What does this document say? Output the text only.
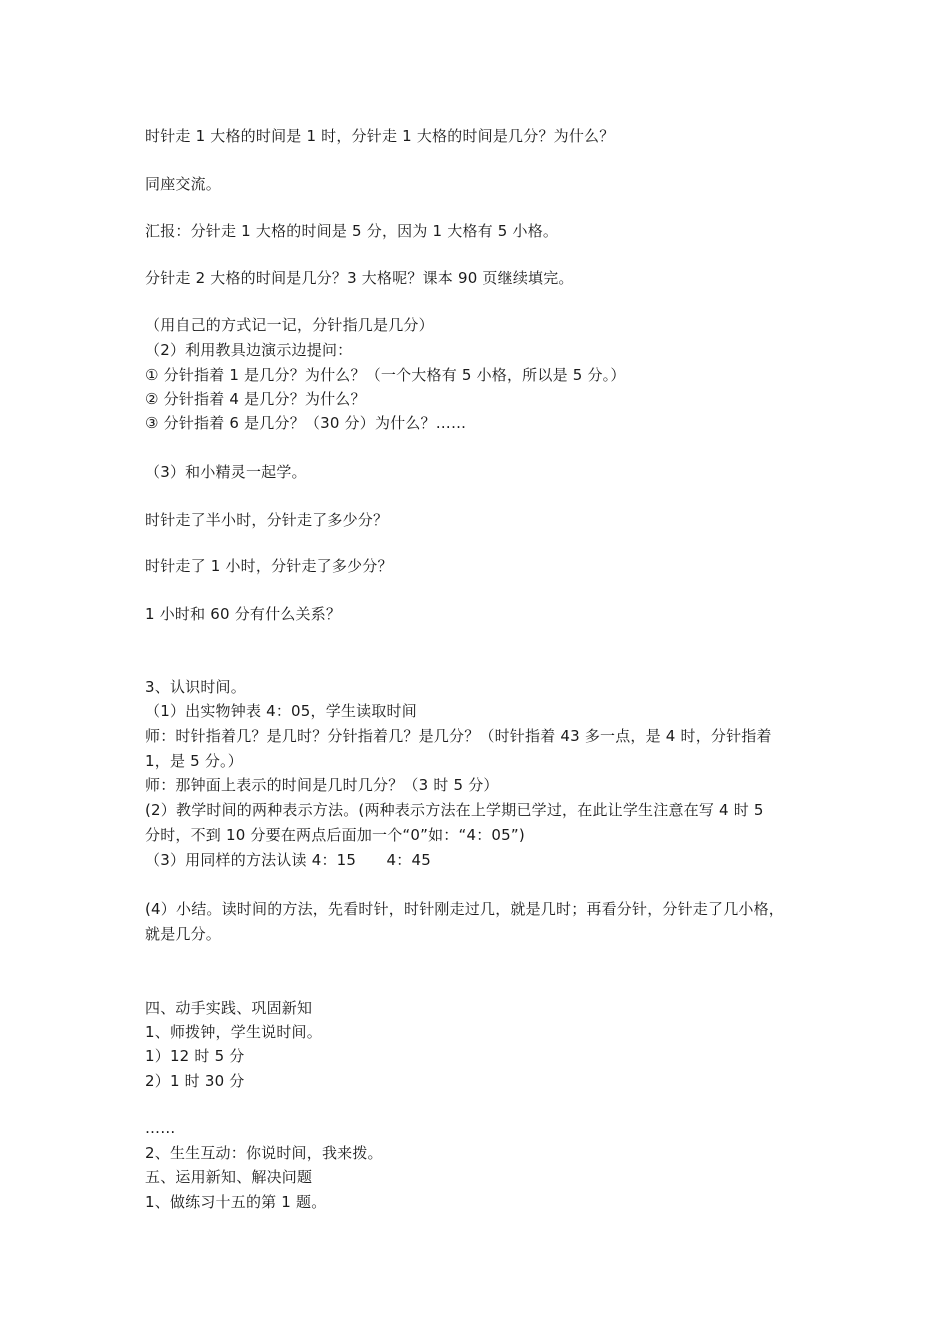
时针走 1 大格的时间是 1 时，分针走 1 大格的时间是几分？为什么？
同座交流。
汇报：分针走 1 大格的时间是 5 分，因为 1 大格有 5 小格。
分针走 2 大格的时间是几分？3 大格呢？课本 90 页继续填完。
（用自己的方式记一记，分针指几是几分）
（2）利用教具边演示边提问：
① 分针指着 1 是几分？为什么？（一个大格有 5 小格，所以是 5 分。）
② 分针指着 4 是几分？为什么？
③ 分针指着 6 是几分？（30 分）为什么？……
（3）和小精灵一起学。
时针走了半小时，分针走了多少分？
时针走了 1 小时，分针走了多少分？
1 小时和 60 分有什么关系？
3、认识时间。
（1）出实物钟表 4：05，学生读取时间
师：时针指着几？是几时？分针指着几？是几分？（时针指着 43 多一点，是 4 时，分针指着
1，是 5 分。）
师：那钟面上表示的时间是几时几分？（3 时 5 分）
(2）教学时间的两种表示方法。(两种表示方法在上学期已学过，在此让学生注意在写 4 时 5
分时，不到 10 分要在两点后面加一个“0”如：“4：05”)
（3）用同样的方法认读 4：15　　4：45
(4）小结。读时间的方法，先看时针，时针刚走过几，就是几时；再看分针，分针走了几小格，
就是几分。
四、动手实践、巩固新知
1、师拨钟，学生说时间。
1）12 时 5 分
2）1 时 30 分
……
2、生生互动：你说时间，我来拨。
五、运用新知、解决问题
1、做练习十五的第 1 题。
